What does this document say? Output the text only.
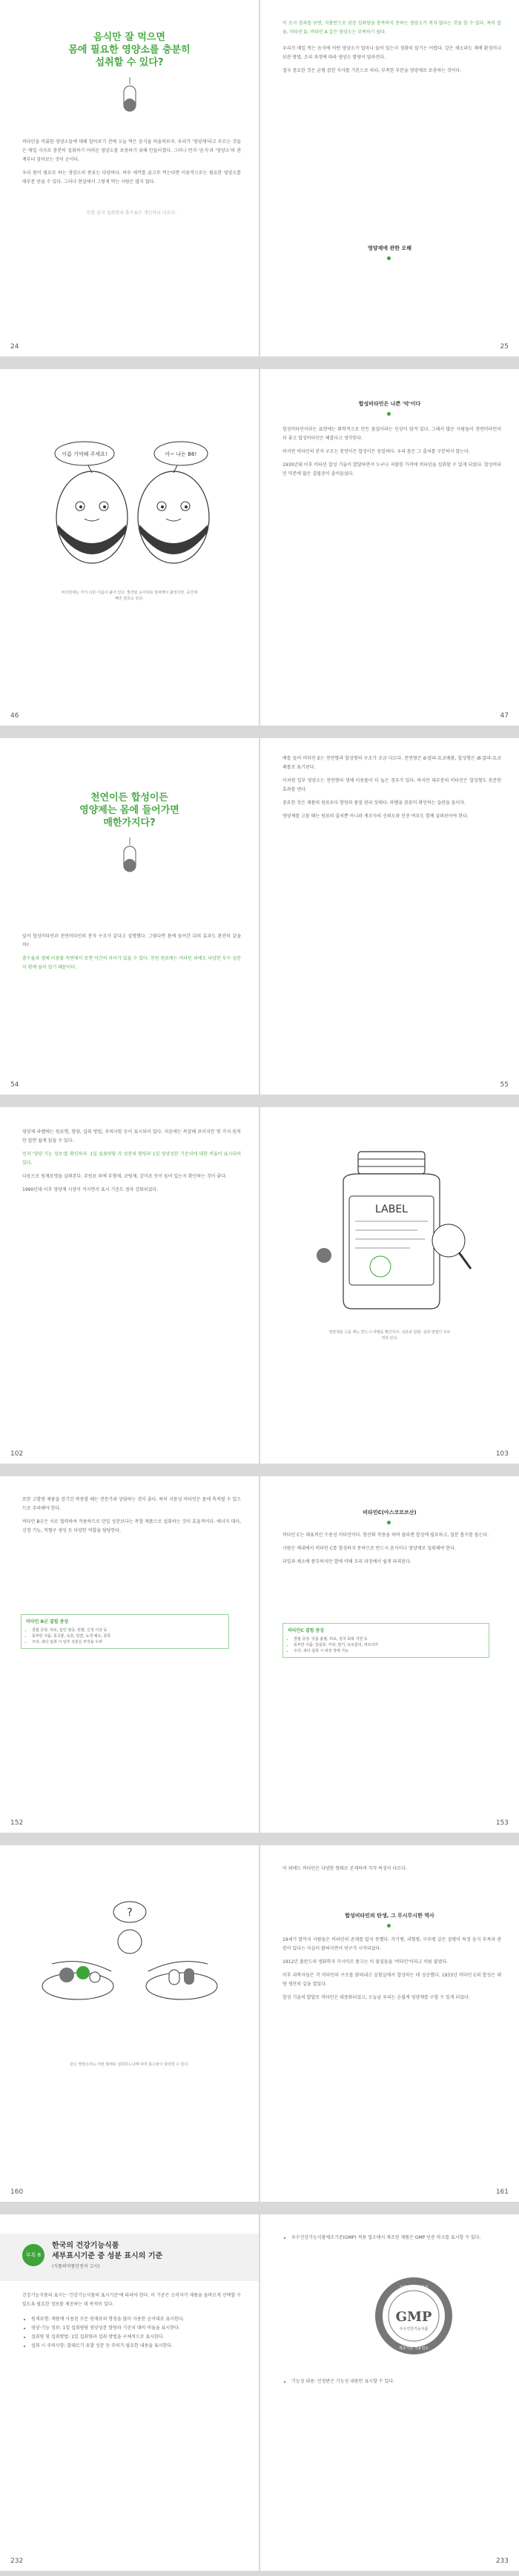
음식만 잘 먹으면
몸에 필요한 영양소를 충분히
섭취할 수 있다?

비타민을 비롯한 영양소들에 대해 알아보기 전에 오늘 먹은 음식을 떠올려보자. 우리가 '영양제'라고 부르는 것들은 매일 식사로 충분히 섭취하기 어려운 영양소를 보충하기 위해 만들어졌다. 그러니 먼저 '음식'과 '영양소'의 관계부터 짚어보는 것이 순서다.

우리 몸이 필요로 하는 영양소의 종류는 다양하다. 하루 세끼를 골고루 먹는다면 이론적으로는 필요한 영양소를 대부분 얻을 수 있다. 그러나 현실에서 그렇게 먹는 사람은 많지 않다.

또한 음식 섭취량과 흡수율은 개인마다 다르다.

24

이 조사 결과를 보면, 식품만으로 권장 섭취량을 충족하지 못하는 영양소가 적지 않다는 것을 알 수 있다. 특히 칼슘, 비타민 D, 비타민 A 같은 영양소는 부족하기 쉽다.

우리가 매일 먹는 음식에 어떤 영양소가 얼마나 들어 있는지 정확히 알기는 어렵다. 같은 채소라도 재배 환경이나 보관 방법, 조리 과정에 따라 영양소 함량이 달라진다.

결국 중요한 것은 균형 잡힌 식사를 기본으로 하되, 부족한 부분을 영양제로 보충하는 것이다.

영양제에 관한 오해

25
이름 기억해 주세요!	아~ 나는 B6!
비타민에는 각기 다른 이름이 붙어 있다. 발견된 순서대로 알파벳이 붙었지만, 중간에 빠진 번호도 있다.
46
합성비타민은 나쁜 '악'이다

합성비타민이라는 표현에는 화학적으로 만든 물질이라는 인상이 담겨 있다. 그래서 많은 사람들이 천연비타민이 더 좋고 합성비타민은 해롭다고 생각한다.

하지만 비타민의 분자 구조는 천연이든 합성이든 동일하다. 우리 몸은 그 출처를 구분하지 않는다.

1930년대 이후 비타민 합성 기술이 발달하면서 누구나 저렴한 가격에 비타민을 섭취할 수 있게 되었다. 합성비타민 덕분에 많은 결핍증이 줄어들었다.

47
천연이든 합성이든
영양제는 몸에 들어가면
매한가지다?

앞서 합성비타민과 천연비타민의 분자 구조가 같다고 설명했다. 그렇다면 몸에 들어간 뒤의 효과도 완전히 같을까?

흡수율과 생체 이용률 측면에서 보면 약간의 차이가 있을 수 있다. 천연 원료에는 비타민 외에도 다양한 부수 성분이 함께 들어 있기 때문이다.

54

예를 들어 비타민 E는 천연형과 합성형의 구조가 조금 다르다. 천연형은 d-알파-토코페롤, 합성형은 dl-알파-토코페롤로 표기된다.

이처럼 일부 영양소는 천연형의 생체 이용률이 더 높은 경우가 있다. 하지만 대부분의 비타민은 합성형도 충분한 효과를 낸다.

중요한 것은 제품의 원료보다 함량과 품질 관리 상태다. 라벨을 꼼꼼히 확인하는 습관을 들이자.

영양제를 고를 때는 원료의 출처뿐 아니라 제조사의 신뢰도와 인증 여부도 함께 살펴보아야 한다.

55

영양제 라벨에는 원료명, 함량, 섭취 방법, 주의사항 등이 표시되어 있다. 처음에는 복잡해 보이지만 몇 가지 원칙만 알면 쉽게 읽을 수 있다.

먼저 '영양·기능 정보'를 확인하자. 1일 섭취량당 각 성분의 함량과 1일 영양성분 기준치에 대한 비율이 표시되어 있다.

다음으로 원재료명을 살펴본다. 주원료 외에 부형제, 코팅제, 감미료 등이 들어 있는지 확인하는 것이 좋다.

1990년대 이후 영양제 시장이 커지면서 표시 기준도 점차 강화되었다.

102
LABEL
영양제를 고를 때는 반드시 라벨을 확인하자. 성분과 함량, 섭취 방법이 모두 적혀 있다.
103

또한 고함량 제품을 장기간 복용할 때는 전문가와 상담하는 것이 좋다. 특히 지용성 비타민은 몸에 축적될 수 있으므로 주의해야 한다.

비타민 B군은 서로 협력하여 작용하므로 단일 성분보다는 복합 제품으로 섭취하는 것이 효율적이다. 에너지 대사, 신경 기능, 적혈구 생성 등 다양한 역할을 담당한다.

비타민 B군 결핍 증상
• 결핍 증상: 피로, 입안 염증, 빈혈, 신경 이상 등
• 풍부한 식품: 통곡물, 육류, 달걀, 녹색 채소, 콩류
• 주의: 과다 섭취 시 일부 성분은 부작용 우려
152
비타민C(아스코르브산)

비타민 C는 대표적인 수용성 비타민이다. 항산화 작용을 하며 콜라겐 합성에 필요하고, 철분 흡수를 돕는다.

사람은 체내에서 비타민 C를 합성하지 못하므로 반드시 음식이나 영양제로 섭취해야 한다.

과일과 채소에 풍부하지만 열에 약해 조리 과정에서 쉽게 파괴된다.

비타민C 결핍 증상
• 결핍 증상: 잇몸 출혈, 피로, 상처 회복 지연 등
• 풍부한 식품: 감귤류, 키위, 딸기, 브로콜리, 파프리카
• 주의: 과다 섭취 시 위장 장애 가능
153
?
같은 영양소라도 어떤 형태로 섭취하느냐에 따라 흡수율이 달라질 수 있다.
160

이 외에도 비타민은 다양한 형태로 존재하며 각각 특징이 다르다.

합성비타민의 탄생, 그 무시무시한 역사

19세기 말까지 사람들은 비타민의 존재를 알지 못했다. 각기병, 괴혈병, 구루병 같은 질병이 특정 음식 부족과 관련이 있다는 사실이 밝혀지면서 연구가 시작되었다.

1912년 폴란드의 생화학자 카시미르 풍크는 이 물질들을 '비타민'이라고 이름 붙였다.

이후 과학자들은 각 비타민의 구조를 밝혀내고 실험실에서 합성하는 데 성공했다. 1933년 비타민 C의 합성은 대량 생산의 길을 열었다.

합성 기술의 발달로 비타민은 대중화되었고, 오늘날 우리는 손쉽게 영양제를 구할 수 있게 되었다.

161
부록 8
한국의 건강기능식품
세부표시기준 중 성분 표시의 기준
(식품의약품안전처 고시)

건강기능식품의 표시는 '건강기능식품의 표시기준'에 따라야 한다. 이 기준은 소비자가 제품을 올바르게 선택할 수 있도록 필요한 정보를 제공하는 데 목적이 있다.

• 원재료명: 제품에 사용된 모든 원재료의 명칭을 많이 사용한 순서대로 표시한다.
• 영양·기능 정보: 1일 섭취량당 영양성분 함량과 기준치 대비 비율을 표시한다.
• 섭취량 및 섭취방법: 1일 섭취량과 섭취 방법을 구체적으로 표시한다.
• 섭취 시 주의사항: 알레르기 유발 성분 등 주의가 필요한 내용을 표시한다.
232
• 우수건강기능식품제조기준(GMP) 적용 업소에서 제조된 제품은 GMP 인증 마크를 표시할 수 있다.
식품의약품안전처
GMP
우수건강기능식품
제조기준 적용업소
• 기능성 내용: 인정받은 기능성 내용만 표시할 수 있다.
233
